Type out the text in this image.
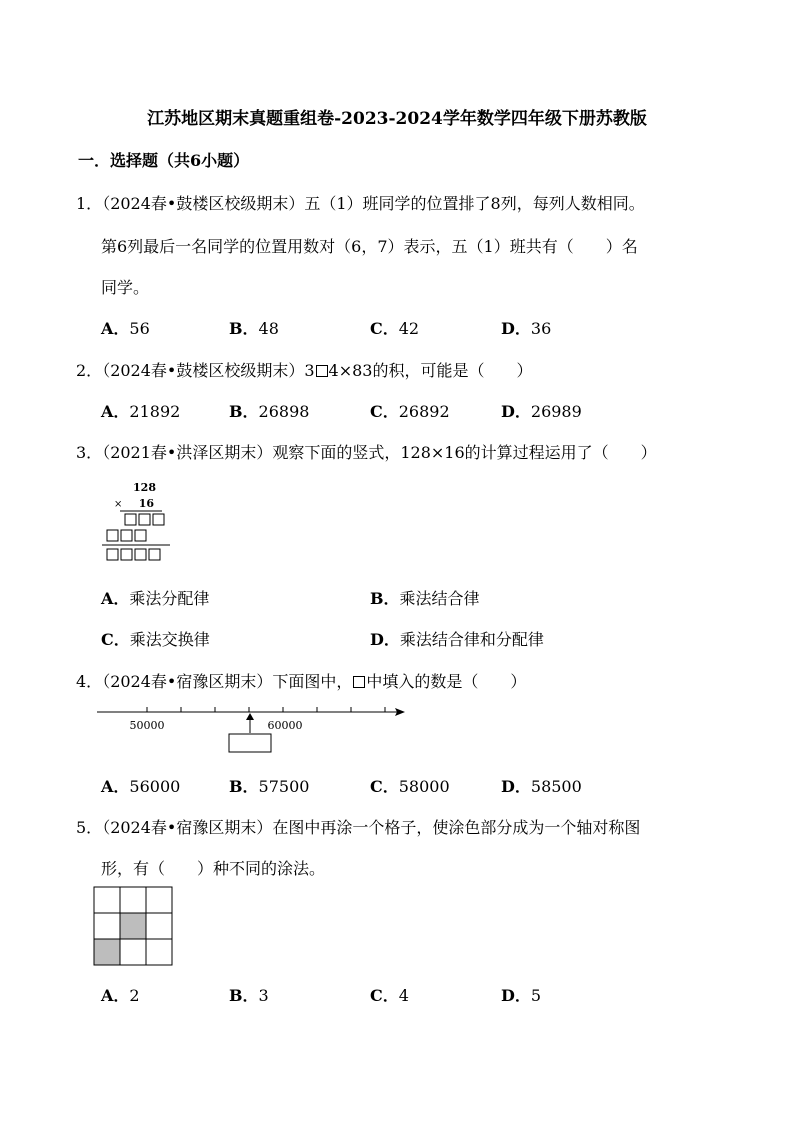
江苏地区期末真题重组卷-2023-2024学年数学四年级下册苏教版
一．选择题（共6小题）
1．（2024春•鼓楼区校级期末）五（1）班同学的位置排了8列，每列人数相同。
第6列最后一名同学的位置用数对（6，7）表示，五（1）班共有（　　）名
同学。
A．56	B．48	C．42	D．36
2．（2024春•鼓楼区校级期末）3 4×83的积，可能是（　　）
A．21892	B．26898	C．26892	D．26989
3．（2021春•洪泽区期末）观察下面的竖式，128×16的计算过程运用了（　　）
128
× 16
A．乘法分配律	B．乘法结合律
C．乘法交换律	D．乘法结合律和分配律
4．（2024春•宿豫区期末）下面图中， 中填入的数是（　　）
50000	60000
A．56000	B．57500	C．58000	D．58500
5．（2024春•宿豫区期末）在图中再涂一个格子，使涂色部分成为一个轴对称图
形，有（　　）种不同的涂法。
A．2	B．3	C．4	D．5
